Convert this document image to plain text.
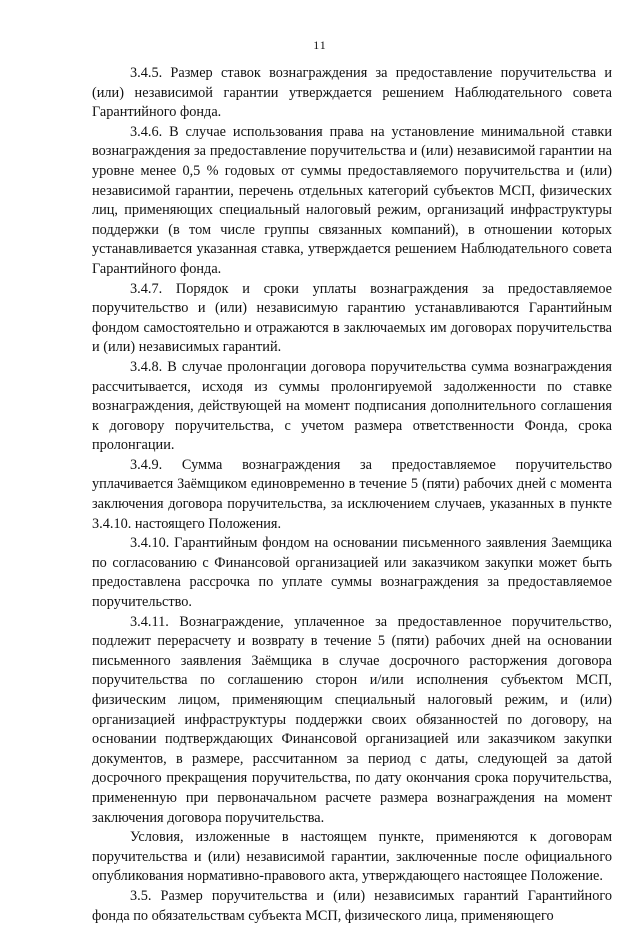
11

3.4.5. Размер ставок вознаграждения за предоставление поручительства и (или) независимой гарантии утверждается решением Наблюдательного совета Гарантийного фонда.

3.4.6. В случае использования права на установление минимальной ставки вознаграждения за предоставление поручительства и (или) независимой гарантии на уровне менее 0,5 % годовых от суммы предоставляемого поручительства и (или) независимой гарантии, перечень отдельных категорий субъектов МСП, физических лиц, применяющих специальный налоговый режим, организаций инфраструктуры поддержки (в том числе группы связанных компаний), в отношении которых устанавливается указанная ставка, утверждается решением Наблюдательного совета Гарантийного фонда.

3.4.7. Порядок и сроки уплаты вознаграждения за предоставляемое поручительство и (или) независимую гарантию устанавливаются Гарантийным фондом самостоятельно и отражаются в заключаемых им договорах поручительства и (или) независимых гарантий.

3.4.8. В случае пролонгации договора поручительства сумма вознаграждения рассчитывается, исходя из суммы пролонгируемой задолженности по ставке вознаграждения, действующей на момент подписания дополнительного соглашения к договору поручительства, с учетом размера ответственности Фонда, срока пролонгации.

3.4.9. Сумма вознаграждения за предоставляемое поручительство уплачивается Заёмщиком единовременно в течение 5 (пяти) рабочих дней с момента заключения договора поручительства, за исключением случаев, указанных в пункте 3.4.10. настоящего Положения.

3.4.10. Гарантийным фондом на основании письменного заявления Заемщика по согласованию с Финансовой организацией или заказчиком закупки может быть предоставлена рассрочка по уплате суммы вознаграждения за предоставляемое поручительство.

3.4.11. Вознаграждение, уплаченное за предоставленное поручительство, подлежит перерасчету и возврату в течение 5 (пяти) рабочих дней на основании письменного заявления Заёмщика в случае досрочного расторжения договора поручительства по соглашению сторон и/или исполнения субъектом МСП, физическим лицом, применяющим специальный налоговый режим, и (или) организацией инфраструктуры поддержки своих обязанностей по договору, на основании подтверждающих Финансовой организацией или заказчиком закупки документов, в размере, рассчитанном за период с даты, следующей за датой досрочного прекращения поручительства, по дату окончания срока поручительства, примененную при первоначальном расчете размера вознаграждения на момент заключения договора поручительства.

Условия, изложенные в настоящем пункте, применяются к договорам поручительства и (или) независимой гарантии, заключенные после официального опубликования нормативно-правового акта, утверждающего настоящее Положение.

3.5. Размер поручительства и (или) независимых гарантий Гарантийного фонда по обязательствам субъекта МСП, физического лица, применяющего
